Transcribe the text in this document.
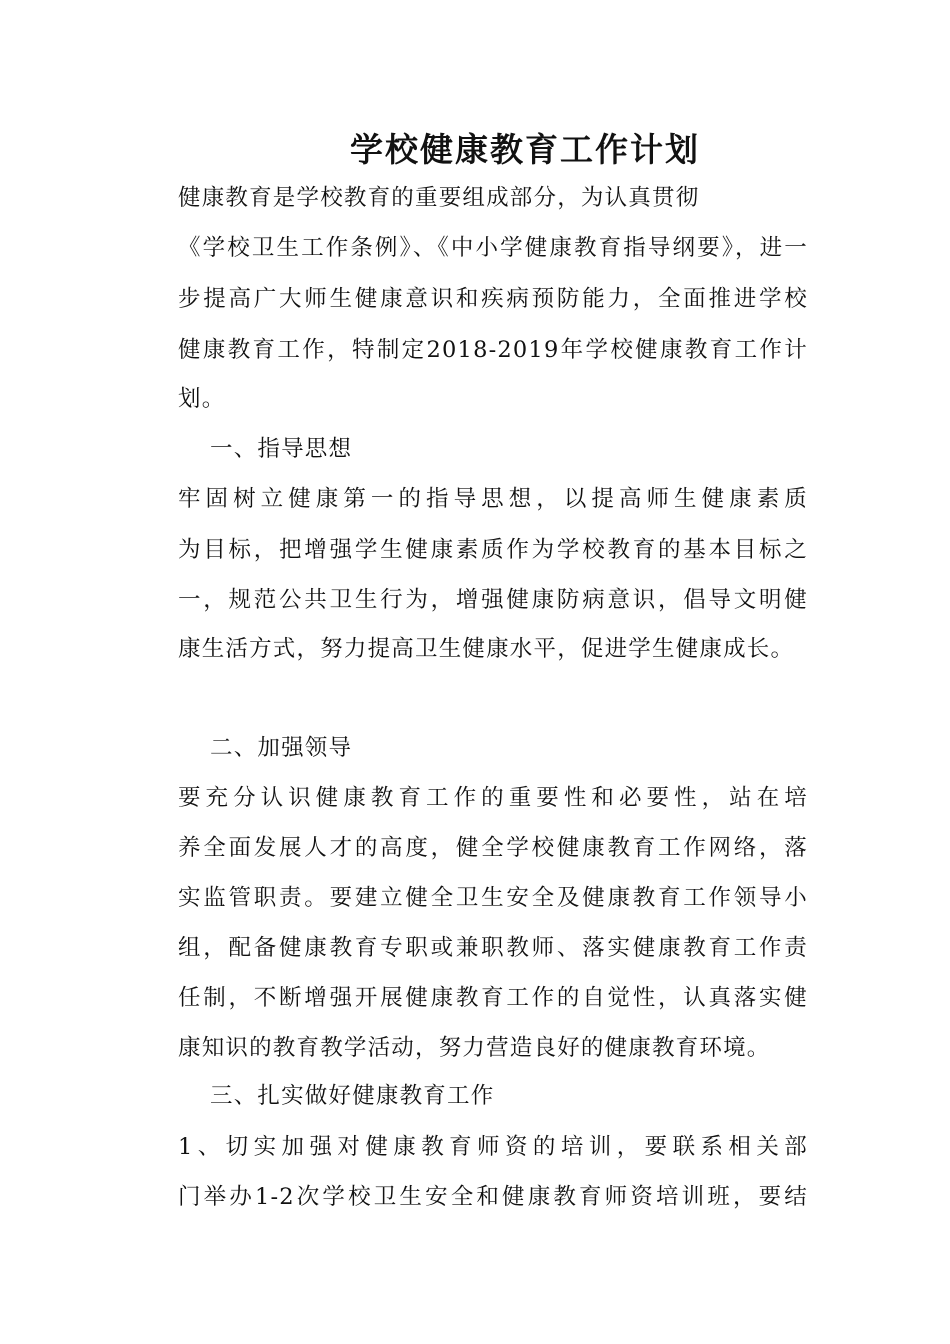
学校健康教育工作计划
健康教育是学校教育的重要组成部分，为认真贯彻
《学校卫生工作条例》、《中小学健康教育指导纲要》，进一
步提高广大师生健康意识和疾病预防能力，全面推进学校
健康教育工作，特制定2018-2019年学校健康教育工作计
划。
一、指导思想
牢固树立健康第一的指导思想，以提高师生健康素质
为目标，把增强学生健康素质作为学校教育的基本目标之
一，规范公共卫生行为，增强健康防病意识，倡导文明健
康生活方式，努力提高卫生健康水平，促进学生健康成长。
二、加强领导
要充分认识健康教育工作的重要性和必要性，站在培
养全面发展人才的高度，健全学校健康教育工作网络，落
实监管职责。要建立健全卫生安全及健康教育工作领导小
组，配备健康教育专职或兼职教师、落实健康教育工作责
任制，不断增强开展健康教育工作的自觉性，认真落实健
康知识的教育教学活动，努力营造良好的健康教育环境。
三、扎实做好健康教育工作
1、切实加强对健康教育师资的培训，要联系相关部
门举办1-2次学校卫生安全和健康教育师资培训班，要结
